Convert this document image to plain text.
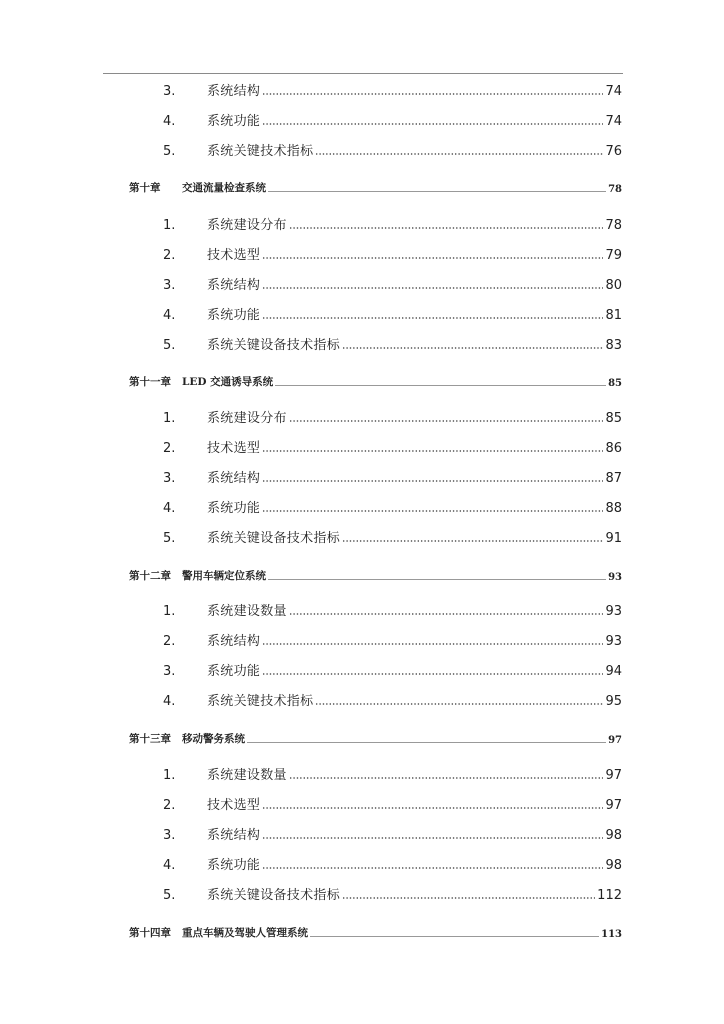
3.	系统结构	74
4.	系统功能	74
5.	系统关键技术指标	76
第十章	交通流量检查系统	78
1.	系统建设分布	78
2.	技术选型	79
3.	系统结构	80
4.	系统功能	81
5.	系统关键设备技术指标	83
第十一章	LED 交通诱导系统	85
1.	系统建设分布	85
2.	技术选型	86
3.	系统结构	87
4.	系统功能	88
5.	系统关键设备技术指标	91
第十二章	警用车辆定位系统	93
1.	系统建设数量	93
2.	系统结构	93
3.	系统功能	94
4.	系统关键技术指标	95
第十三章	移动警务系统	97
1.	系统建设数量	97
2.	技术选型	97
3.	系统结构	98
4.	系统功能	98
5.	系统关键设备技术指标	112
第十四章	重点车辆及驾驶人管理系统	113
